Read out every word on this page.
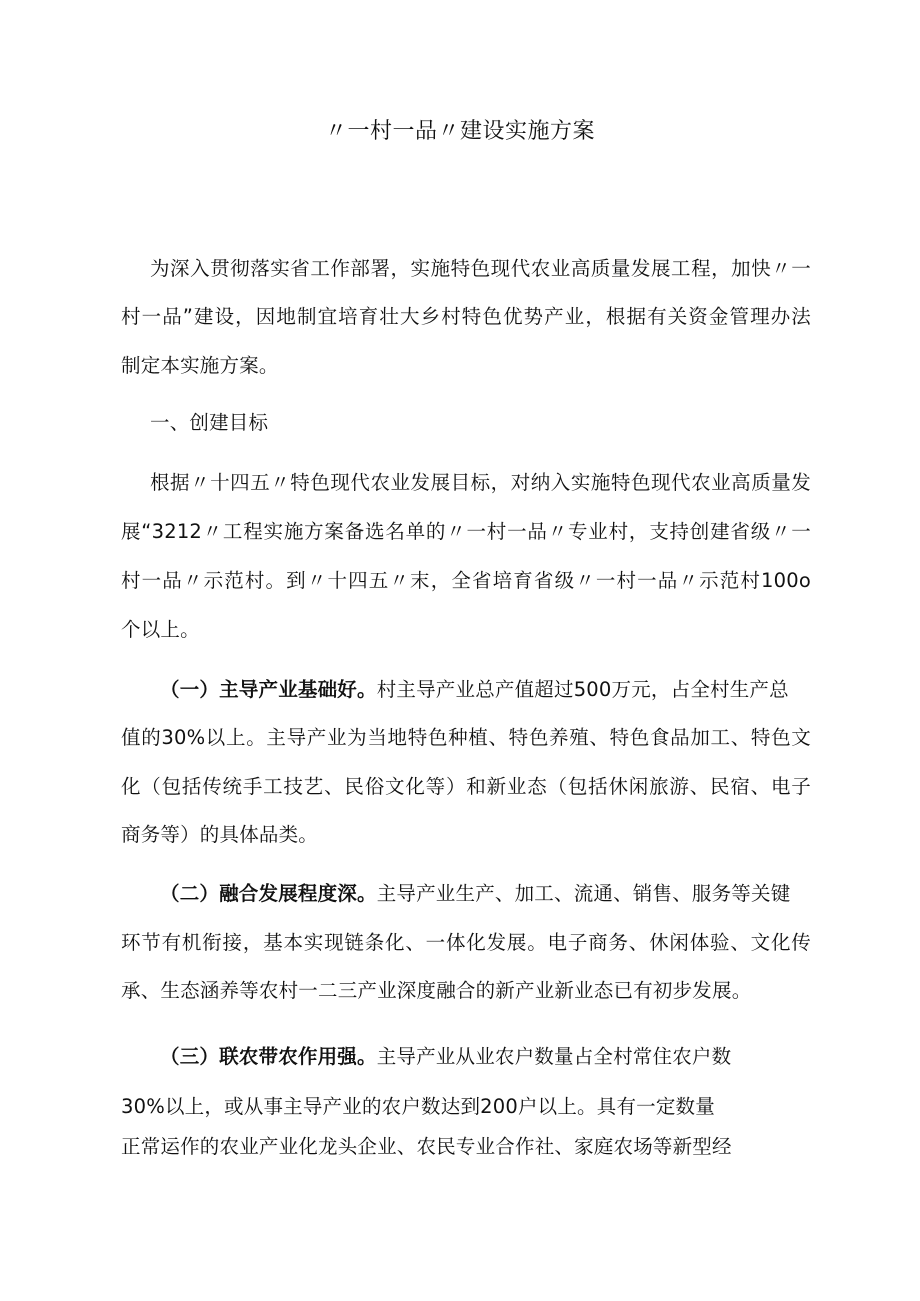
〃一村一品〃建设实施方案
为深入贯彻落实省工作部署，实施特色现代农业高质量发展工程，加快〃一
村一品”建设，因地制宜培育壮大乡村特色优势产业，根据有关资金管理办法
制定本实施方案。
一、创建目标
根据〃十四五〃特色现代农业发展目标，对纳入实施特色现代农业高质量发
展“3212〃工程实施方案备选名单的〃一村一品〃专业村，支持创建省级〃一
村一品〃示范村。到〃十四五〃末，全省培育省级〃一村一品〃示范村100o
个以上。
（一）主导产业基础好。村主导产业总产值超过500万元，占全村生产总
值的30%以上。主导产业为当地特色种植、特色养殖、特色食品加工、特色文
化（包括传统手工技艺、民俗文化等）和新业态（包括休闲旅游、民宿、电子
商务等）的具体品类。
（二）融合发展程度深。主导产业生产、加工、流通、销售、服务等关键
环节有机衔接，基本实现链条化、一体化发展。电子商务、休闲体验、文化传
承、生态涵养等农村一二三产业深度融合的新产业新业态已有初步发展。
（三）联农带农作用强。主导产业从业农户数量占全村常住农户数
30%以上，或从事主导产业的农户数达到200户以上。具有一定数量
正常运作的农业产业化龙头企业、农民专业合作社、家庭农场等新型经
